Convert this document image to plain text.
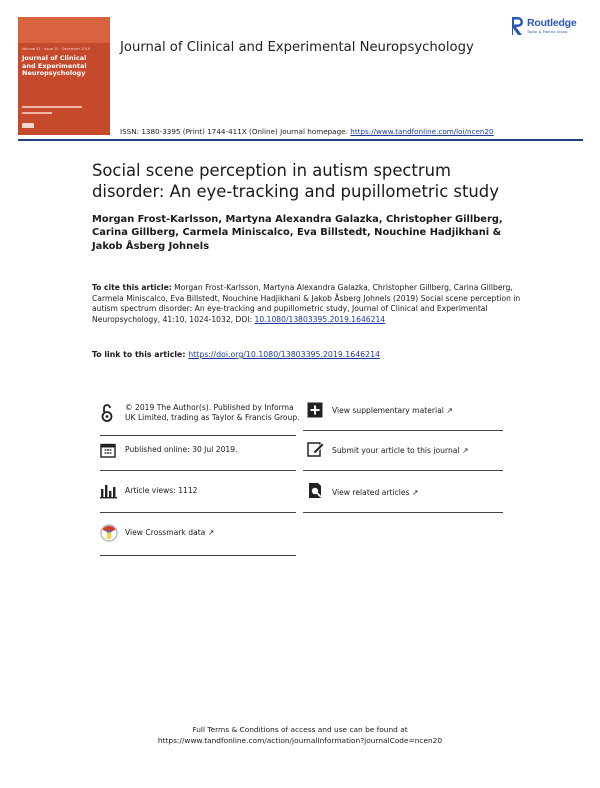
Volume 41 · Issue 10 · December 2019
Journal of Clinical and Experimental Neuropsychology
Journal of Clinical and Experimental Neuropsychology
Routledge
Taylor & Francis Group
ISSN: 1380-3395 (Print) 1744-411X (Online) Journal homepage: https://www.tandfonline.com/loi/ncen20
Social scene perception in autism spectrum disorder: An eye-tracking and pupillometric study
Morgan Frost-Karlsson, Martyna Alexandra Galazka, Christopher Gillberg, Carina Gillberg, Carmela Miniscalco, Eva Billstedt, Nouchine Hadjikhani & Jakob Åsberg Johnels
To cite this article: Morgan Frost-Karlsson, Martyna Alexandra Galazka, Christopher Gillberg, Carina Gillberg, Carmela Miniscalco, Eva Billstedt, Nouchine Hadjikhani & Jakob Åsberg Johnels (2019) Social scene perception in autism spectrum disorder: An eye-tracking and pupillometric study, Journal of Clinical and Experimental Neuropsychology, 41:10, 1024-1032, DOI: 10.1080/13803395.2019.1646214
To link to this article: https://doi.org/10.1080/13803395.2019.1646214
© 2019 The Author(s). Published by Informa UK Limited, trading as Taylor & Francis Group.
Published online: 30 Jul 2019.
Article views: 1112
View Crossmark data ↗
View supplementary material ↗
Submit your article to this journal ↗
View related articles ↗
Full Terms & Conditions of access and use can be found at
https://www.tandfonline.com/action/journalInformation?journalCode=ncen20
